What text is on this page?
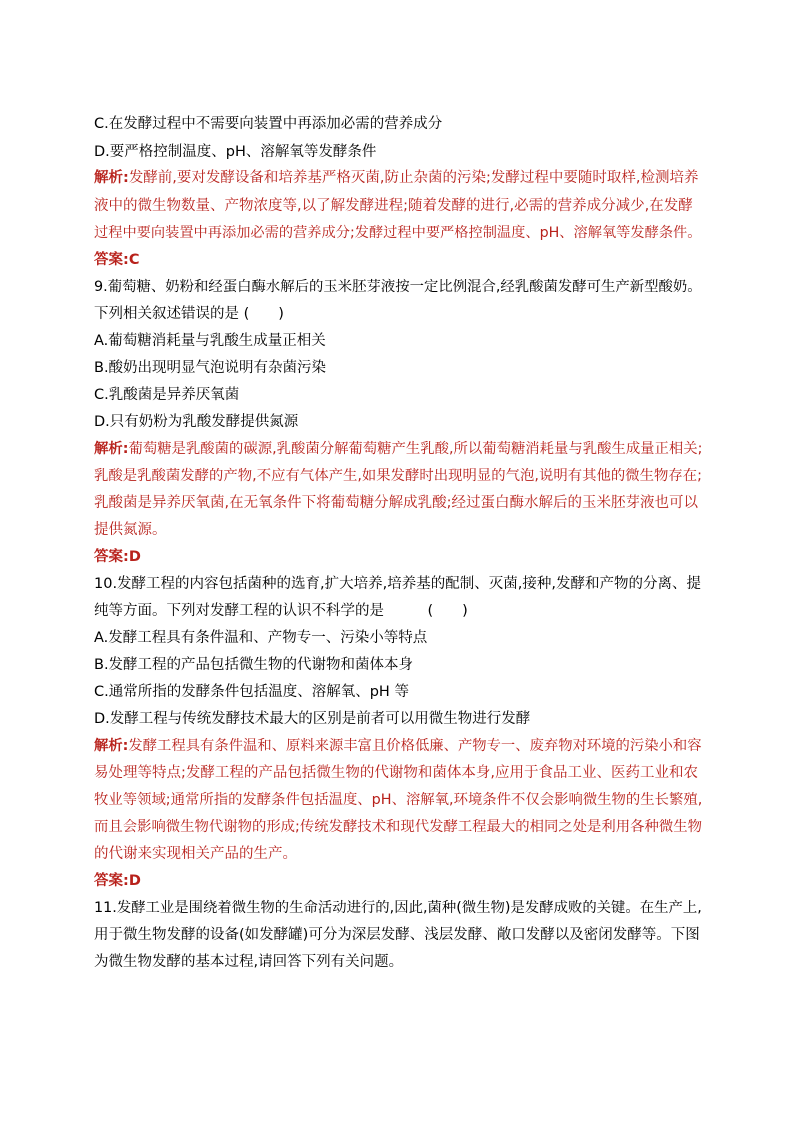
C.在发酵过程中不需要向装置中再添加必需的营养成分
D.要严格控制温度、pH、溶解氧等发酵条件
解析:发酵前,要对发酵设备和培养基严格灭菌,防止杂菌的污染;发酵过程中要随时取样,检测培养
液中的微生物数量、产物浓度等,以了解发酵进程;随着发酵的进行,必需的营养成分减少,在发酵
过程中要向装置中再添加必需的营养成分;发酵过程中要严格控制温度、pH、溶解氧等发酵条件。
答案:C
9.葡萄糖、奶粉和经蛋白酶水解后的玉米胚芽液按一定比例混合,经乳酸菌发酵可生产新型酸奶。
下列相关叙述错误的是 (　　)
A.葡萄糖消耗量与乳酸生成量正相关
B.酸奶出现明显气泡说明有杂菌污染
C.乳酸菌是异养厌氧菌
D.只有奶粉为乳酸发酵提供氮源
解析:葡萄糖是乳酸菌的碳源,乳酸菌分解葡萄糖产生乳酸,所以葡萄糖消耗量与乳酸生成量正相关;
乳酸是乳酸菌发酵的产物,不应有气体产生,如果发酵时出现明显的气泡,说明有其他的微生物存在;
乳酸菌是异养厌氧菌,在无氧条件下将葡萄糖分解成乳酸;经过蛋白酶水解后的玉米胚芽液也可以
提供氮源。
答案:D
10.发酵工程的内容包括菌种的选育,扩大培养,培养基的配制、灭菌,接种,发酵和产物的分离、提
纯等方面。下列对发酵工程的认识不科学的是　　　(　　)
A.发酵工程具有条件温和、产物专一、污染小等特点
B.发酵工程的产品包括微生物的代谢物和菌体本身
C.通常所指的发酵条件包括温度、溶解氧、pH 等
D.发酵工程与传统发酵技术最大的区别是前者可以用微生物进行发酵
解析:发酵工程具有条件温和、原料来源丰富且价格低廉、产物专一、废弃物对环境的污染小和容
易处理等特点;发酵工程的产品包括微生物的代谢物和菌体本身,应用于食品工业、医药工业和农
牧业等领域;通常所指的发酵条件包括温度、pH、溶解氧,环境条件不仅会影响微生物的生长繁殖,
而且会影响微生物代谢物的形成;传统发酵技术和现代发酵工程最大的相同之处是利用各种微生物
的代谢来实现相关产品的生产。
答案:D
11.发酵工业是围绕着微生物的生命活动进行的,因此,菌种(微生物)是发酵成败的关键。在生产上,
用于微生物发酵的设备(如发酵罐)可分为深层发酵、浅层发酵、敞口发酵以及密闭发酵等。下图
为微生物发酵的基本过程,请回答下列有关问题。
